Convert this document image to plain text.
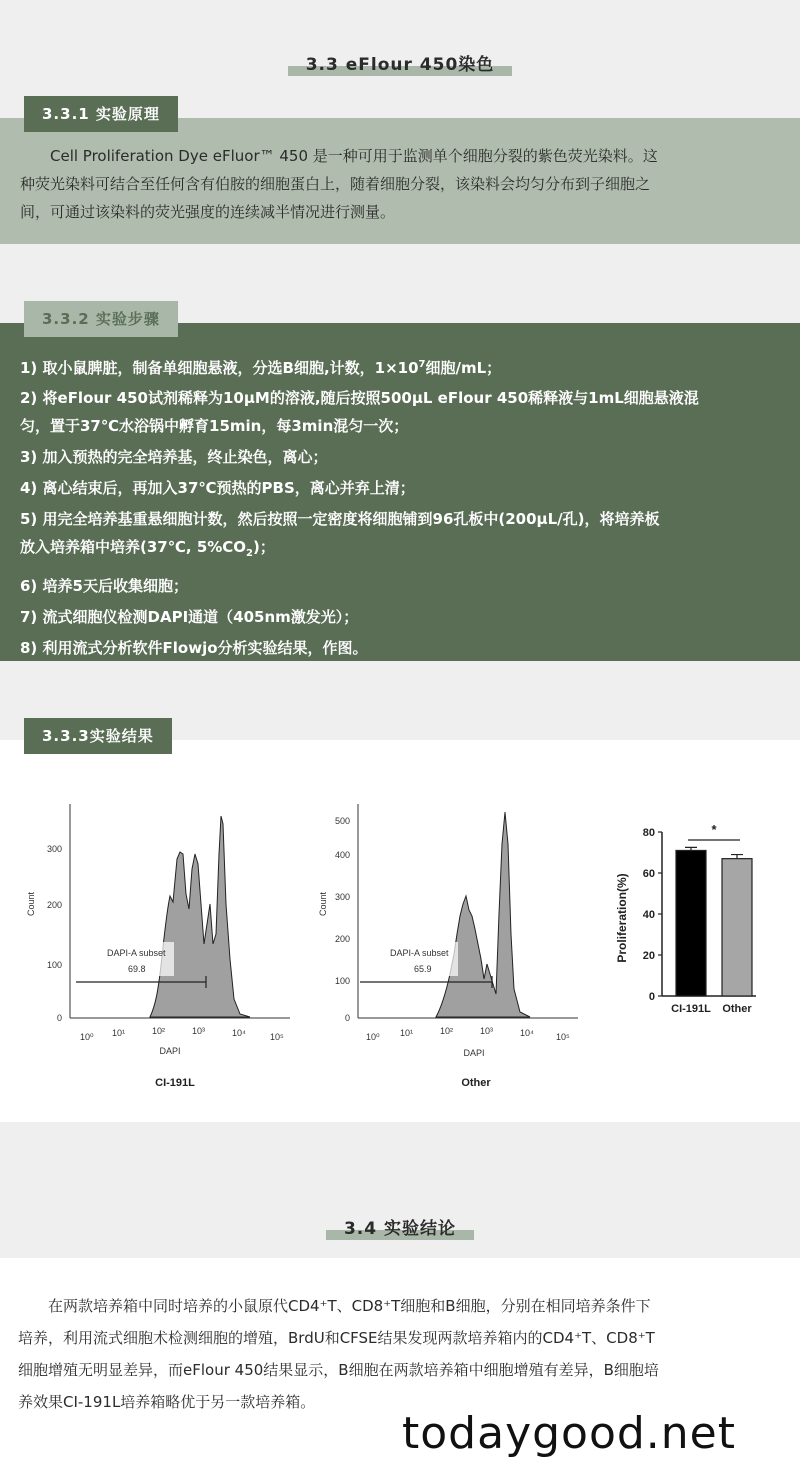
3.3 eFlour 450染色
3.3.1 实验原理
Cell Proliferation Dye eFluor™ 450 是一种可用于监测单个细胞分裂的紫色荧光染料。这
种荧光染料可结合至任何含有伯胺的细胞蛋白上，随着细胞分裂，该染料会均匀分布到子细胞之
间，可通过该染料的荧光强度的连续减半情况进行测量。
3.3.2 实验步骤
1) 取小鼠脾脏，制备单细胞悬液，分选B细胞,计数，$1\times 10^7$细胞/mL；
2) 将eFlour 450试剂稀释为10μM的溶液,随后按照500μL eFlour 450稀释液与1mL细胞悬液混
匀，置于37℃水浴锅中孵育15min，每3min混匀一次；
3) 加入预热的完全培养基，终止染色，离心；
4) 离心结束后，再加入37℃预热的PBS，离心并弃上清；
5) 用完全培养基重悬细胞计数，然后按照一定密度将细胞铺到96孔板中(200μL/孔)，将培养板
放入培养箱中培养(37℃, $5\%CO_2$)；
6) 培养5天后收集细胞；
7) 流式细胞仪检测DAPI通道（405nm激发光）；
8) 利用流式分析软件Flowjo分析实验结果，作图。
3.3.3实验结果
0
100
200
300
10⁰ 10¹	10²	10³	10⁴	10⁵
DAPI-A subset
69.8
DAPI
Count
CI-191L
0
100
200
300
400
500
10⁰ 10¹	10²	10³	10⁴ 10⁵
DAPI-A subset
65.9
DAPI
Count
Other
Proliferation(%)
0
20
40
60
80
CI-191L Other
*
3.4 实验结论
在两款培养箱中同时培养的小鼠原代CD4⁺T、CD8⁺T细胞和B细胞，分别在相同培养条件下
培养，利用流式细胞术检测细胞的增殖，BrdU和CFSE结果发现两款培养箱内的CD4⁺T、CD8⁺T
细胞增殖无明显差异，而eFlour 450结果显示，B细胞在两款培养箱中细胞增殖有差异，B细胞培
养效果CI-191L培养箱略优于另一款培养箱。
todaygood.net
